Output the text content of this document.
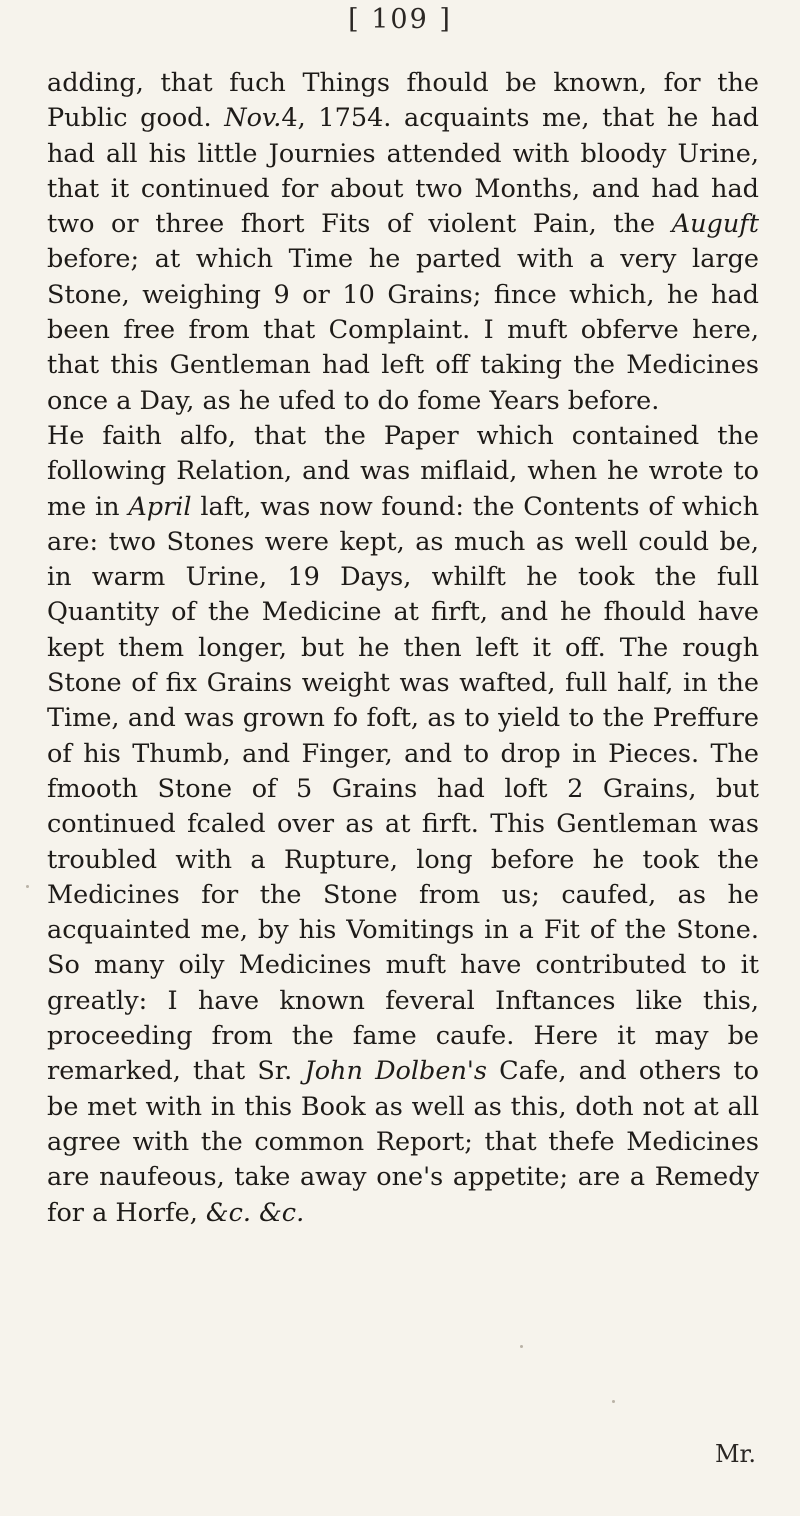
[ 109 ]

adding, that fuch Things fhould be known, for the Public good. Nov.4, 1754. acquaints me, that he had had all his little Journies attended with bloody Urine, that it continued for about two Months, and had had two or three fhort Fits of violent Pain, the Auguft before; at which Time he parted with a very large Stone, weighing 9 or 10 Grains; fince which, he had been free from that Complaint. I muft obferve here, that this Gentleman had left off taking the Medicines once a Day, as he ufed to do fome Years before.

He faith alfo, that the Paper which contained the following Relation, and was miflaid, when he wrote to me in April laft, was now found: the Contents of which are: two Stones were kept, as much as well could be, in warm Urine, 19 Days, whilft he took the full Quantity of the Medicine at firft, and he fhould have kept them longer, but he then left it off. The rough Stone of fix Grains weight was wafted, full half, in the Time, and was grown fo foft, as to yield to the Preffure of his Thumb, and Finger, and to drop in Pieces. The fmooth Stone of 5 Grains had loft 2 Grains, but continued fcaled over as at firft. This Gentleman was troubled with a Rupture, long before he took the Medicines for the Stone from us; caufed, as he acquainted me, by his Vomitings in a Fit of the Stone. So many oily Medicines muft have contributed to it greatly: I have known feveral Inftances like this, proceeding from the fame caufe. Here it may be remarked, that Sr. John Dolben's Cafe, and others to be met with in this Book as well as this, doth not at all agree with the common Report; that thefe Medicines are naufeous, take away one's appetite; are a Remedy for a Horfe, &c. &c.

Mr.
